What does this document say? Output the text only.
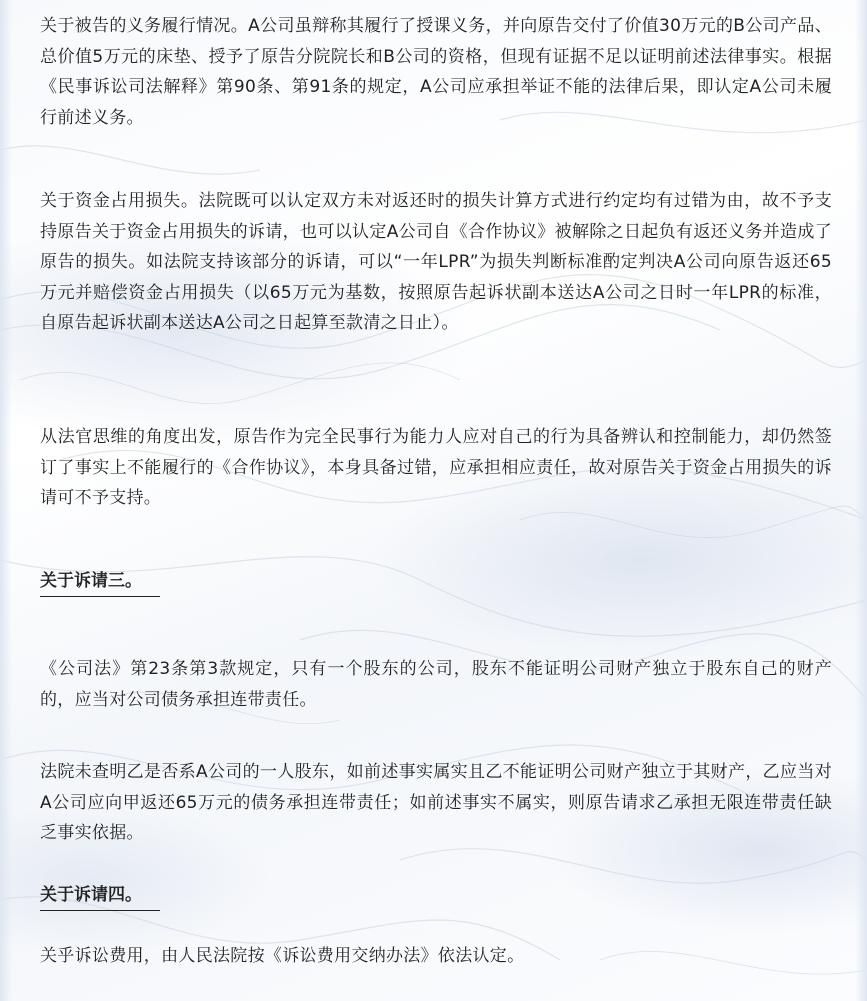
关于被告的义务履行情况。A公司虽辩称其履行了授课义务，并向原告交付了价值30万元的B公司产品、总价值5万元的床垫、授予了原告分院院长和B公司的资格，但现有证据不足以证明前述法律事实。根据《民事诉讼司法解释》第90条、第91条的规定，A公司应承担举证不能的法律后果，即认定A公司未履行前述义务。

关于资金占用损失。法院既可以认定双方未对返还时的损失计算方式进行约定均有过错为由，故不予支持原告关于资金占用损失的诉请，也可以认定A公司自《合作协议》被解除之日起负有返还义务并造成了原告的损失。如法院支持该部分的诉请，可以“一年LPR”为损失判断标准酌定判决A公司向原告返还65万元并赔偿资金占用损失（以65万元为基数，按照原告起诉状副本送达A公司之日时一年LPR的标准，自原告起诉状副本送达A公司之日起算至款清之日止）。

从法官思维的角度出发，原告作为完全民事行为能力人应对自己的行为具备辨认和控制能力，却仍然签订了事实上不能履行的《合作协议》，本身具备过错，应承担相应责任，故对原告关于资金占用损失的诉请可不予支持。

关于诉请三。

《公司法》第23条第3款规定，只有一个股东的公司，股东不能证明公司财产独立于股东自己的财产的，应当对公司债务承担连带责任。

法院未查明乙是否系A公司的一人股东，如前述事实属实且乙不能证明公司财产独立于其财产，乙应当对A公司应向甲返还65万元的债务承担连带责任；如前述事实不属实，则原告请求乙承担无限连带责任缺乏事实依据。

关于诉请四。

关乎诉讼费用，由人民法院按《诉讼费用交纳办法》依法认定。
